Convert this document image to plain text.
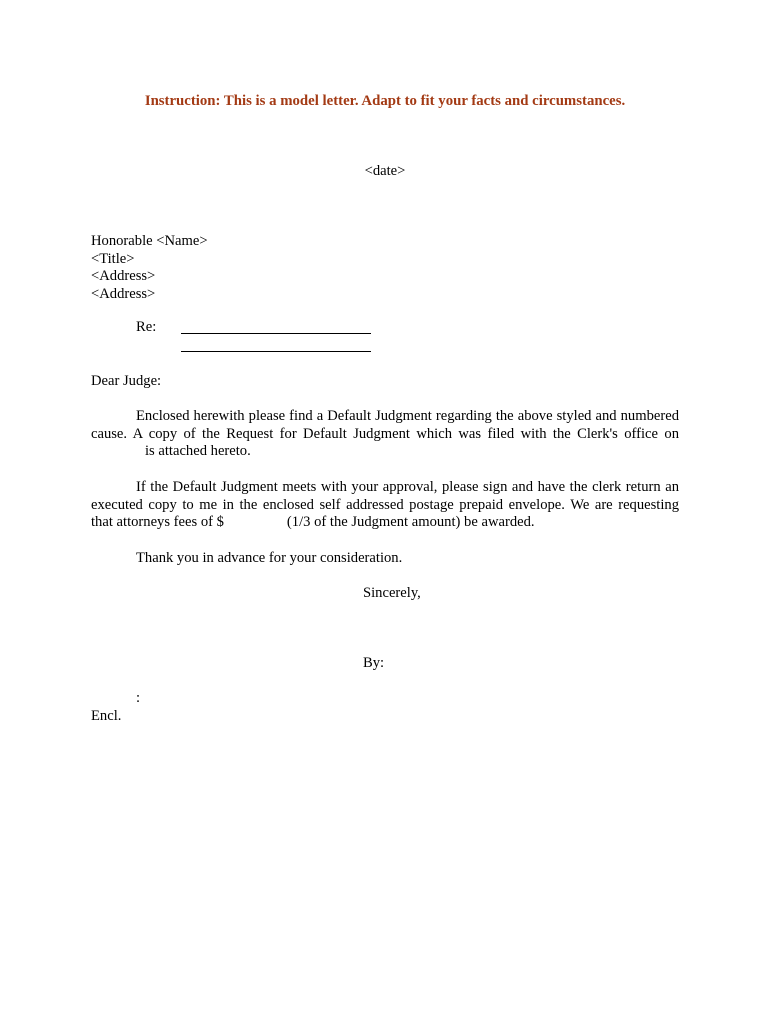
Instruction: This is a model letter. Adapt to fit your facts and circumstances.
<date>
Honorable <Name>
<Title>
<Address>
<Address>
Re:
Dear Judge:
Enclosed herewith please find a Default Judgment regarding the above styled and numbered
cause. A copy of the Request for Default Judgment which was filed with the Clerk's office on
is attached hereto.
If the Default Judgment meets with your approval, please sign and have the clerk return an
executed copy to me in the enclosed self addressed postage prepaid envelope. We are requesting
that attorneys fees of $	(1/3 of the Judgment amount) be awarded.
Thank you in advance for your consideration.
Sincerely,
By:
:
Encl.
